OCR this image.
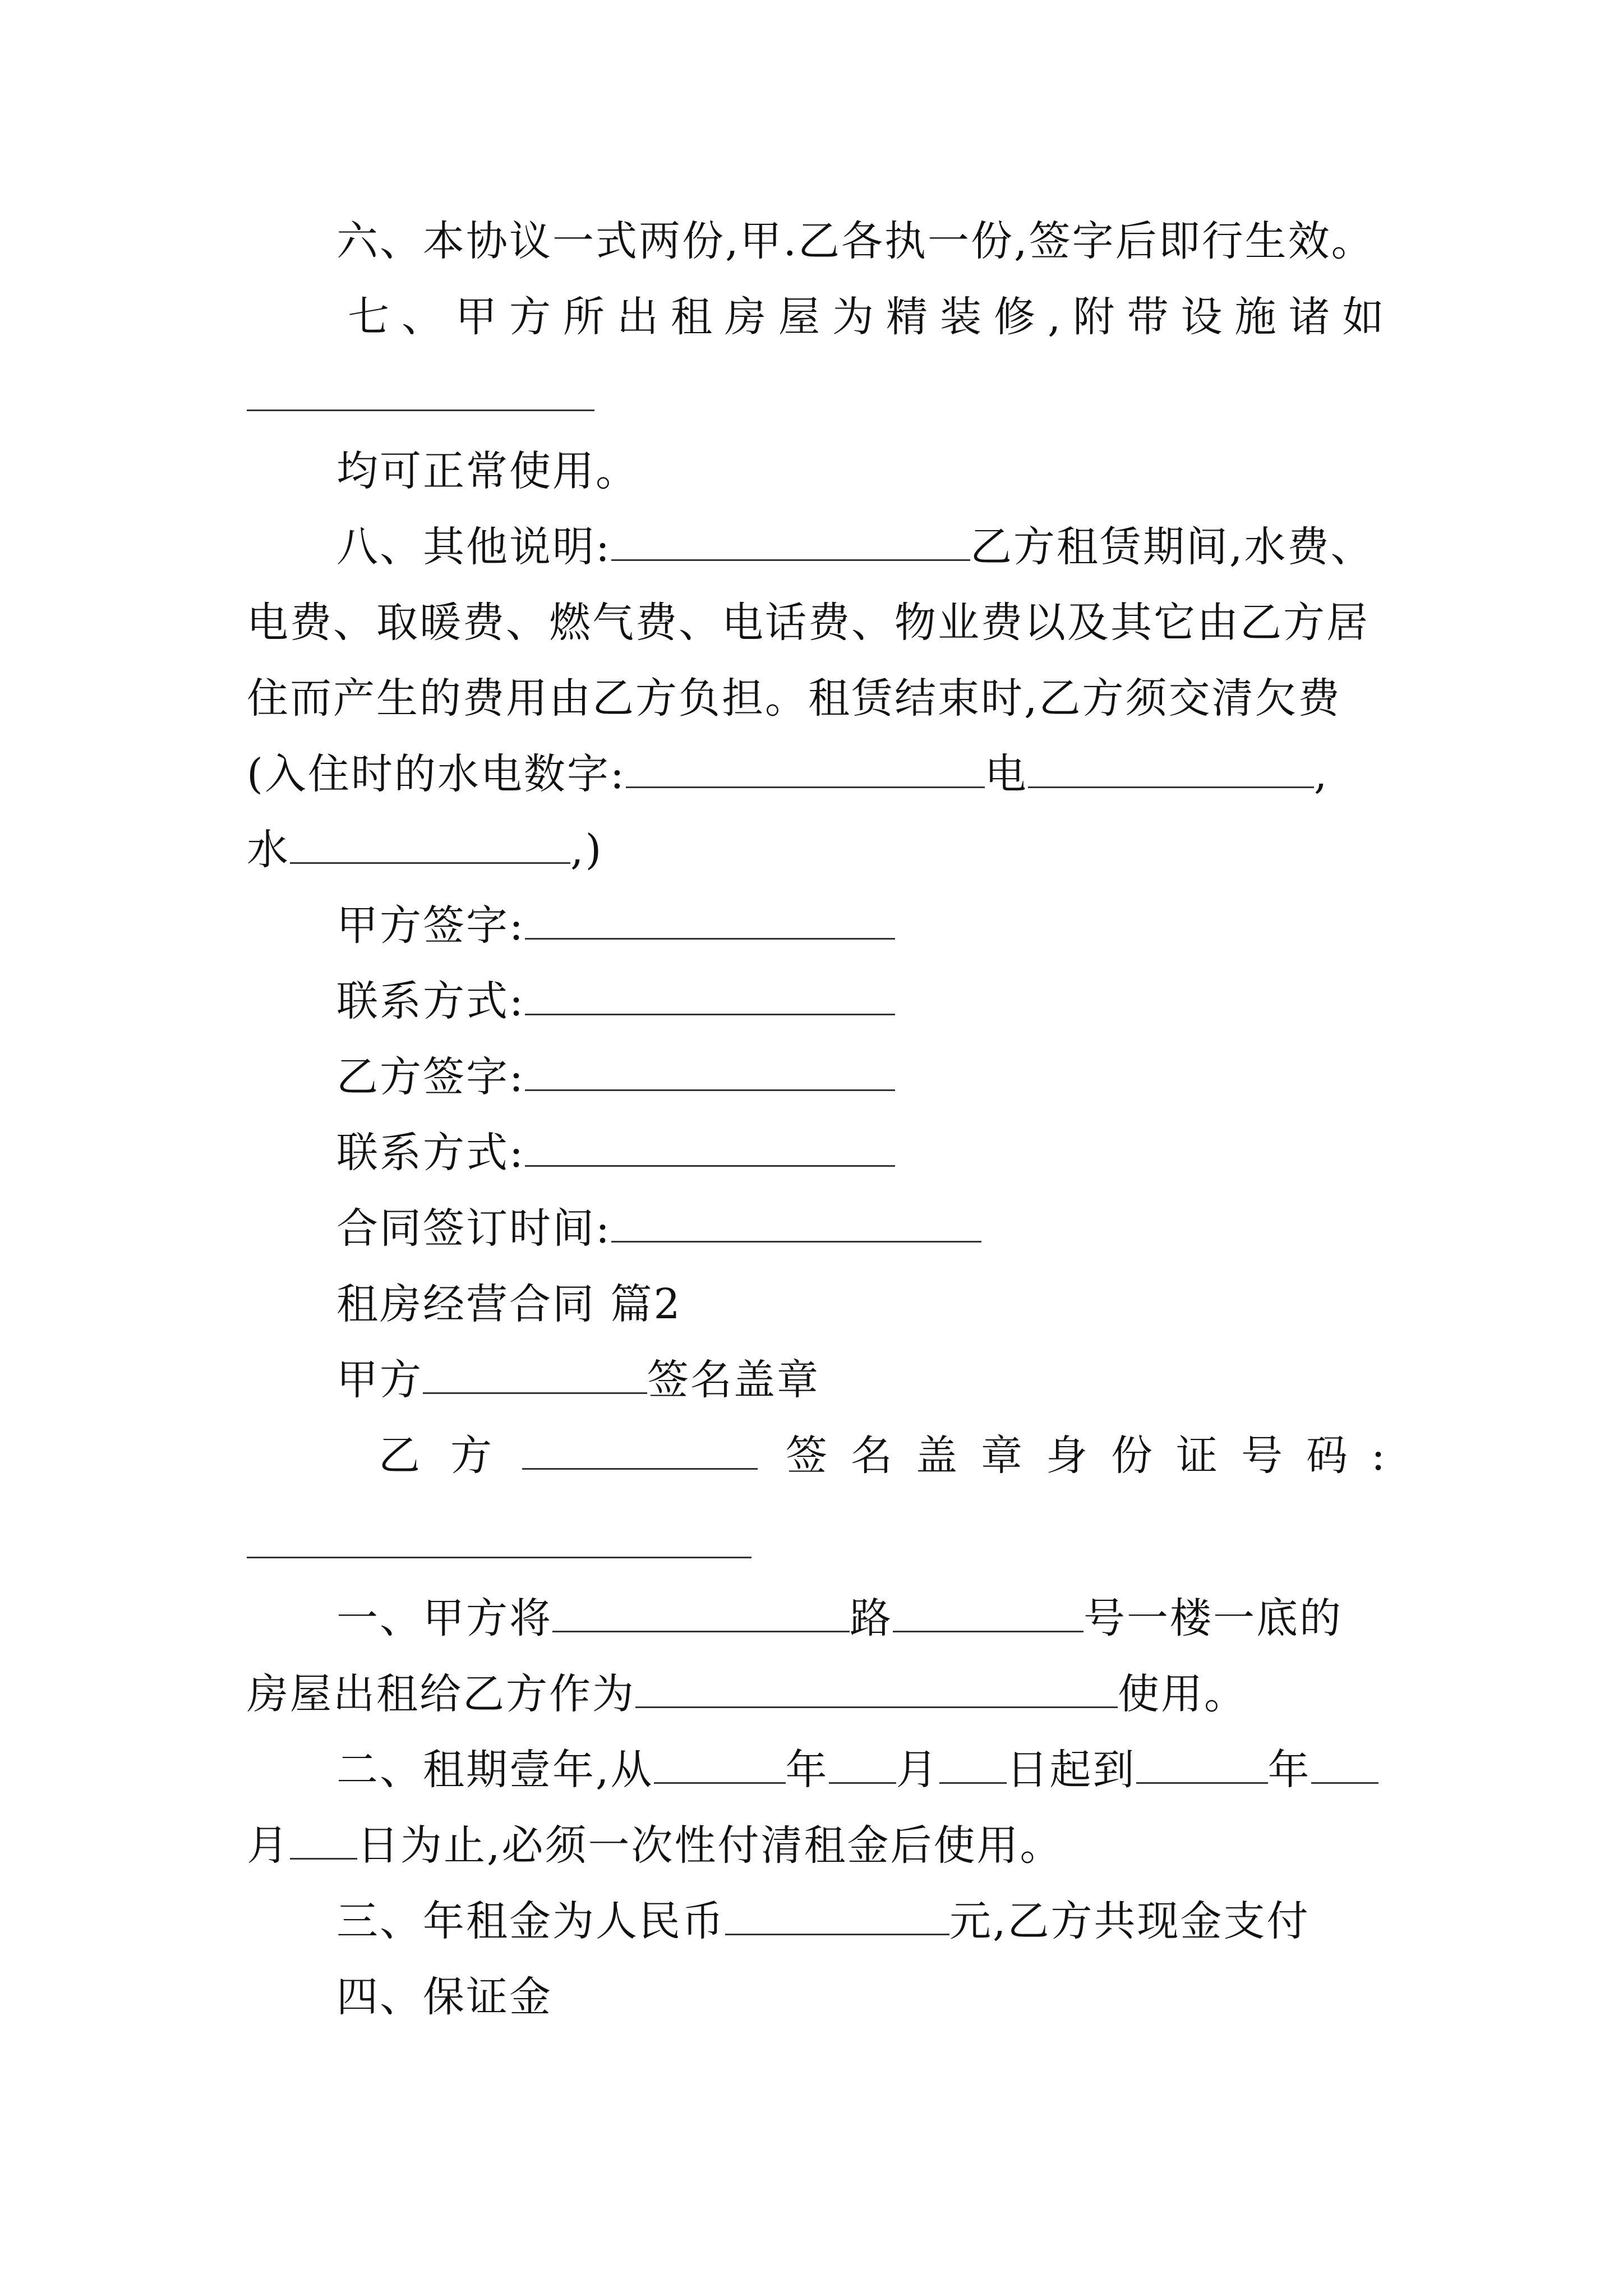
六、本协议一式两份,甲.乙各执一份,签字后即行生效。
七、甲方所出租房屋为精装修,附带设施诸如
均可正常使用。
八、其他说明:	乙方租赁期间,水费、
电费、取暖费、燃气费、电话费、物业费以及其它由乙方居
住而产生的费用由乙方负担。租赁结束时,乙方须交清欠费
(入住时的水电数字:	电	,
水	,)
甲方签字:
联系方式:
乙方签字:
联系方式:
合同签订时间:
租房经营合同 篇2
甲方	签名盖章
乙方	签名盖章身份证号码:
一、甲方将	路	号一楼一底的
房屋出租给乙方作为	使用。
二、租期壹年,从	年 月 日起到	年
月 日为止,必须一次性付清租金后使用。
三、年租金为人民币	元,乙方共现金支付
四、保证金
